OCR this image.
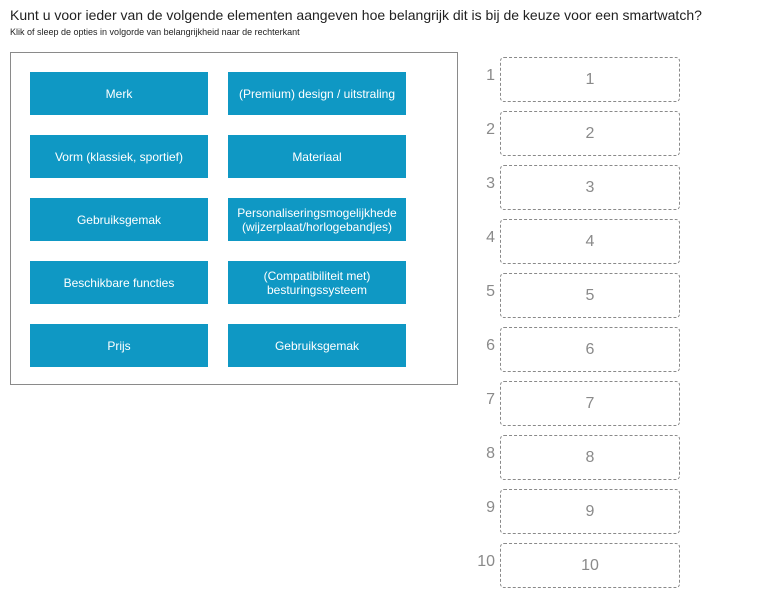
Kunt u voor ieder van de volgende elementen aangeven hoe belangrijk dit is bij de keuze voor een smartwatch?
Klik of sleep de opties in volgorde van belangrijkheid naar de rechterkant
Merk	(Premium) design / uitstraling
Vorm (klassiek, sportief)	Materiaal
Gebruiksgemak	Personaliseringsmogelijkhede (wijzerplaat/horlogebandjes)
Beschikbare functies	(Compatibiliteit met) besturingssysteem
Prijs	Gebruiksgemak
1	1
2	2
3	3
4	4
5	5
6	6
7	7
8	8
9	9
10	10
